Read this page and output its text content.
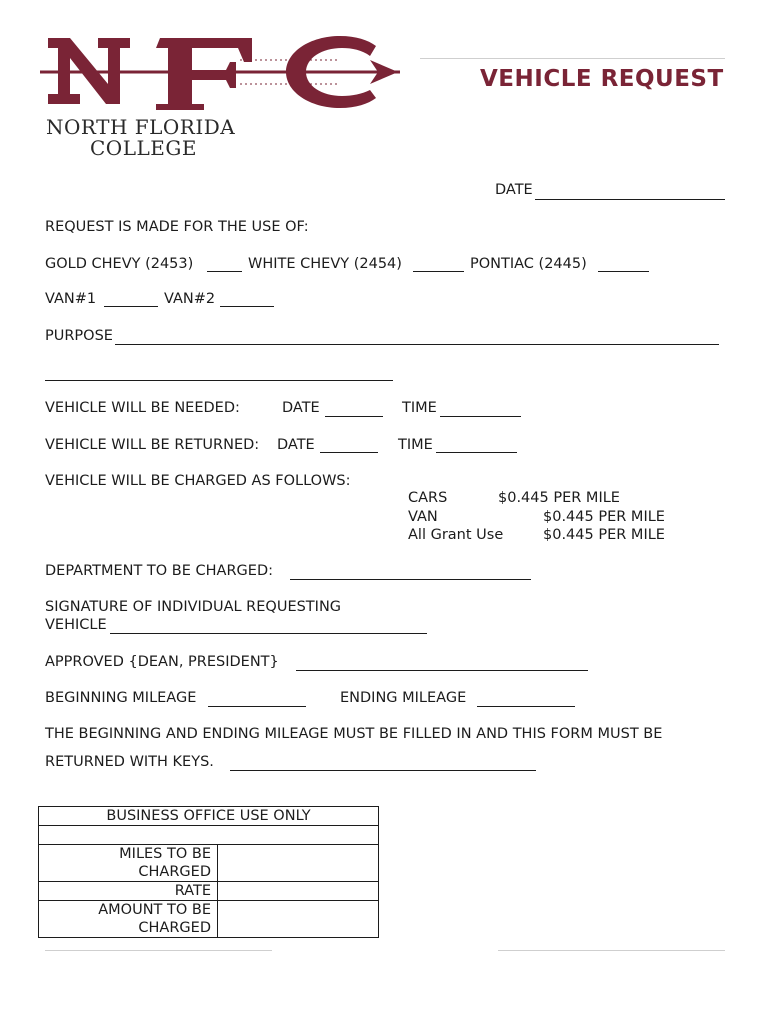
NORTH FLORIDA
COLLEGE
VEHICLE REQUEST
DATE
REQUEST IS MADE FOR THE USE OF:
GOLD CHEVY (2453)	WHITE CHEVY (2454)	PONTIAC (2445)
VAN#1	VAN#2
PURPOSE
VEHICLE WILL BE NEEDED:	DATE	TIME
VEHICLE WILL BE RETURNED: DATE	TIME
VEHICLE WILL BE CHARGED AS FOLLOWS:
CARS	$0.445 PER MILE
VAN	$0.445 PER MILE
All Grant Use	$0.445 PER MILE
DEPARTMENT TO BE CHARGED:
SIGNATURE OF INDIVIDUAL REQUESTING
VEHICLE
APPROVED {DEAN, PRESIDENT}
BEGINNING MILEAGE	ENDING MILEAGE
THE BEGINNING AND ENDING MILEAGE MUST BE FILLED IN AND THIS FORM MUST BE
RETURNED WITH KEYS.
BUSINESS OFFICE USE ONLY	

MILES TO BE
CHARGED	

RATE	

AMOUNT TO BE
CHARGED	
